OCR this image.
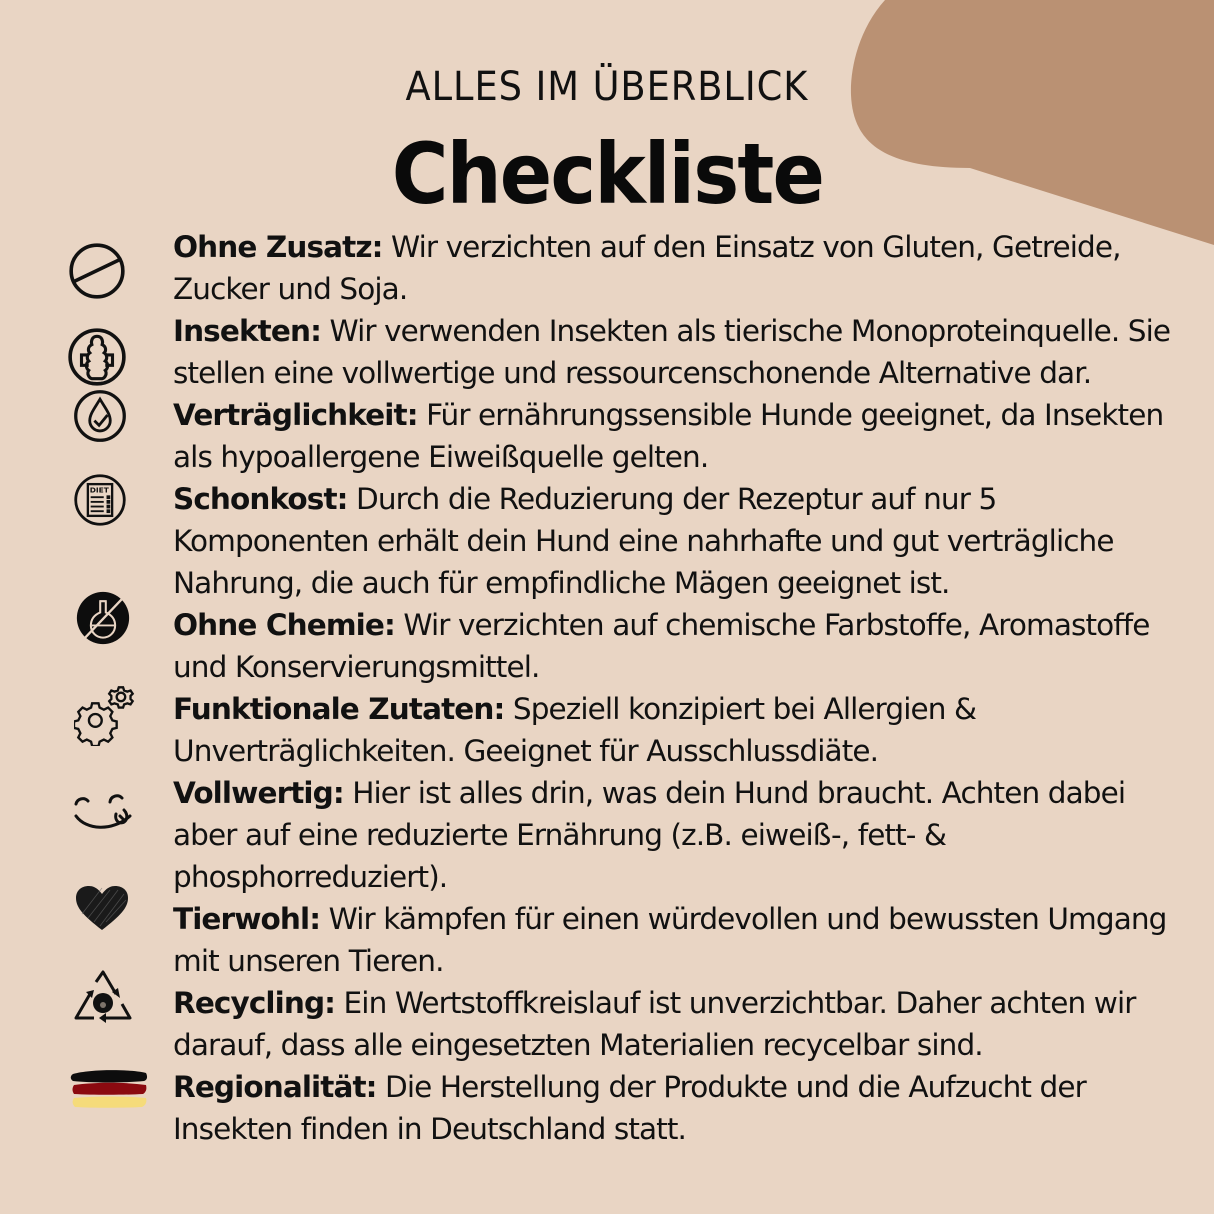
ALLES IM ÜBERBLICK
Checkliste
Ohne Zusatz: Wir verzichten auf den Einsatz von Gluten, Getreide, Zucker und Soja.
Insekten: Wir verwenden Insekten als tierische Monoproteinquelle. Sie stellen eine vollwertige und ressourcenschonende Alternative dar.
Verträglichkeit: Für ernährungssensible Hunde geeignet, da Insekten als hypoallergene Eiweißquelle gelten.
DIET Schonkost: Durch die Reduzierung der Rezeptur auf nur 5 Komponenten erhält dein Hund eine nahrhafte und gut verträgliche Nahrung, die auch für empfindliche Mägen geeignet ist.
Ohne Chemie: Wir verzichten auf chemische Farbstoffe, Aromastoffe und Konservierungsmittel.
Funktionale Zutaten: Speziell konzipiert bei Allergien & Unverträglichkeiten. Geeignet für Ausschlussdiäte.
Vollwertig: Hier ist alles drin, was dein Hund braucht. Achten dabei aber auf eine reduzierte Ernährung (z.B. eiweiß-, fett- & phosphorreduziert).
Tierwohl: Wir kämpfen für einen würdevollen und bewussten Umgang mit unseren Tieren.
Recycling: Ein Wertstoffkreislauf ist unverzichtbar. Daher achten wir darauf, dass alle eingesetzten Materialien recycelbar sind.
Regionalität: Die Herstellung der Produkte und die Aufzucht der Insekten finden in Deutschland statt.
